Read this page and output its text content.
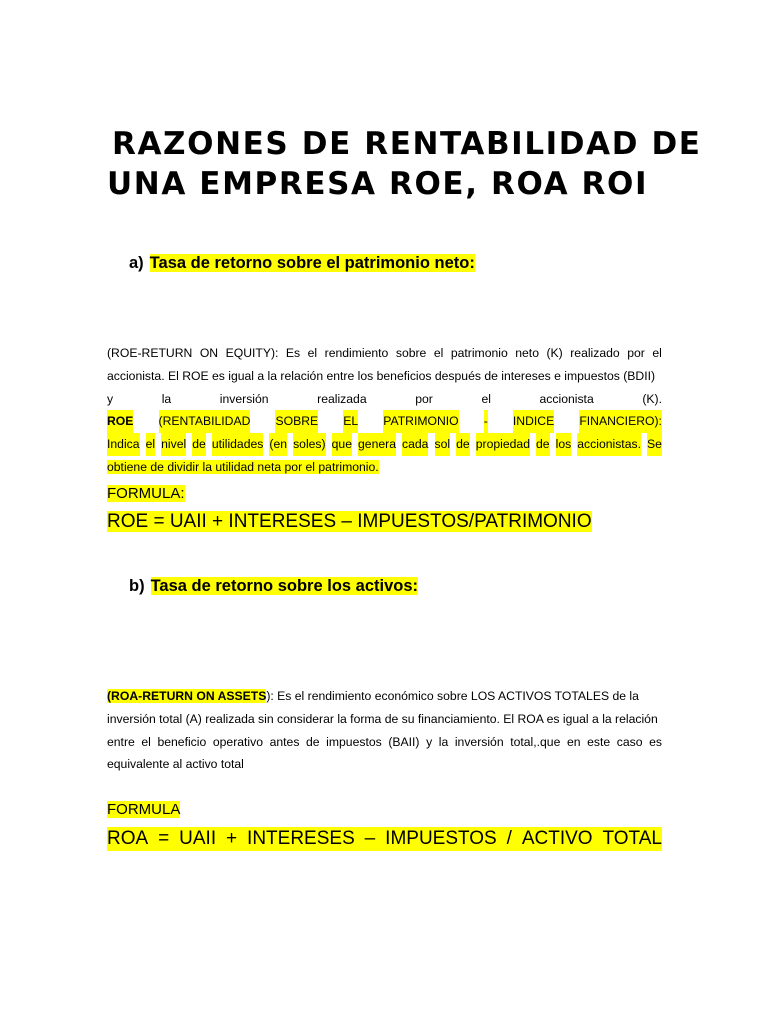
RAZONES DE RENTABILIDAD DE
UNA EMPRESA ROE, ROA ROI
a) Tasa de retorno sobre el patrimonio neto:
(ROE-RETURN ON EQUITY): Es el rendimiento sobre el patrimonio neto (K) realizado por el
accionista. El ROE es igual a la relación entre los beneficios después de intereses e impuestos (BDII)
y	la	inversión	realizada	por	el	accionista	(K).
ROE (RENTABILIDAD SOBRE EL PATRIMONIO - INDICE FINANCIERO):
Indica el nivel de utilidades (en soles) que genera cada sol de propiedad de los accionistas. Se
obtiene de dividir la utilidad neta por el patrimonio.
FORMULA:
ROE = UAII + INTERESES – IMPUESTOS/PATRIMONIO
b) Tasa de retorno sobre los activos:
(ROA-RETURN ON ASSETS): Es el rendimiento económico sobre LOS ACTIVOS TOTALES de la
inversión total (A) realizada sin considerar la forma de su financiamiento. El ROA es igual a la relación
entre el beneficio operativo antes de impuestos (BAII) y la inversión total,.que en este caso es
equivalente al activo total
FORMULA
ROA = UAII + INTERESES – IMPUESTOS / ACTIVO TOTAL
